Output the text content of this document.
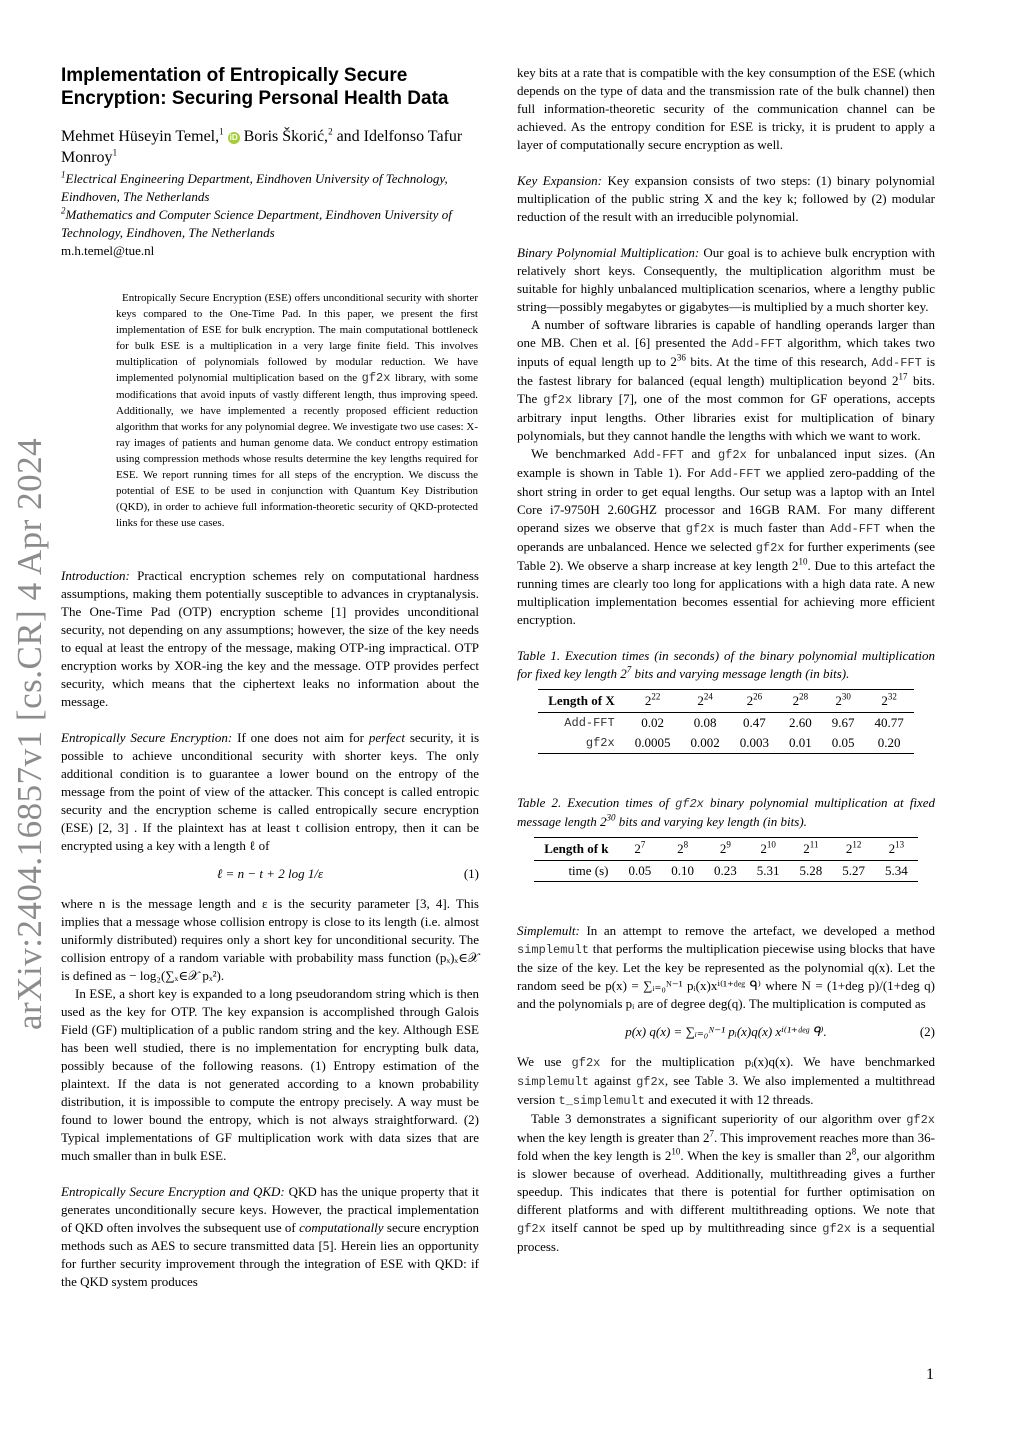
arXiv:2404.16857v1 [cs.CR] 4 Apr 2024
Implementation of Entropically Secure Encryption: Securing Personal Health Data
Mehmet Hüseyin Temel,$^1$ iD Boris Škorić,$^2$ and Idelfonso Tafur Monroy$^1$
$^1$Electrical Engineering Department, Eindhoven University of Technology, Eindhoven, The Netherlands
$^2$Mathematics and Computer Science Department, Eindhoven University of Technology, Eindhoven, The Netherlands
m.h.temel@tue.nl
Entropically Secure Encryption (ESE) offers unconditional security with shorter keys compared to the One-Time Pad. In this paper, we present the first implementation of ESE for bulk encryption. The main computational bottleneck for bulk ESE is a multiplication in a very large finite field. This involves multiplication of polynomials followed by modular reduction. We have implemented polynomial multiplication based on the gf2x library, with some modifications that avoid inputs of vastly different length, thus improving speed. Additionally, we have implemented a recently proposed efficient reduction algorithm that works for any polynomial degree. We investigate two use cases: X-ray images of patients and human genome data. We conduct entropy estimation using compression methods whose results determine the key lengths required for ESE. We report running times for all steps of the encryption. We discuss the potential of ESE to be used in conjunction with Quantum Key Distribution (QKD), in order to achieve full information-theoretic security of QKD-protected links for these use cases.

Introduction: Practical encryption schemes rely on computational hardness assumptions, making them potentially susceptible to advances in cryptanalysis. The One-Time Pad (OTP) encryption scheme [1] provides unconditional security, not depending on any assumptions; however, the size of the key needs to equal at least the entropy of the message, making OTP-ing impractical. OTP encryption works by XOR-ing the key and the message. OTP provides perfect security, which means that the ciphertext leaks no information about the message.

Entropically Secure Encryption: If one does not aim for perfect security, it is possible to achieve unconditional security with shorter keys. The only additional condition is to guarantee a lower bound on the entropy of the message from the point of view of the attacker. This concept is called entropic security and the encryption scheme is called entropically secure encryption (ESE) [2, 3] . If the plaintext has at least t collision entropy, then it can be encrypted using a key with a length ℓ of

ℓ = n − t + 2 log 1/ε	(1)

where n is the message length and ε is the security parameter [3, 4]. This implies that a message whose collision entropy is close to its length (i.e. almost uniformly distributed) requires only a short key for unconditional security. The collision entropy of a random variable with probability mass function (pₓ)ₓ∈𝒳 is defined as − log₂(∑ₓ∈𝒳 pₓ²).

In ESE, a short key is expanded to a long pseudorandom string which is then used as the key for OTP. The key expansion is accomplished through Galois Field (GF) multiplication of a public random string and the key. Although ESE has been well studied, there is no implementation for encrypting bulk data, possibly because of the following reasons. (1) Entropy estimation of the plaintext. If the data is not generated according to a known probability distribution, it is impossible to compute the entropy precisely. A way must be found to lower bound the entropy, which is not always straightforward. (2) Typical implementations of GF multiplication work with data sizes that are much smaller than in bulk ESE.

Entropically Secure Encryption and QKD: QKD has the unique property that it generates unconditionally secure keys. However, the practical implementation of QKD often involves the subsequent use of computationally secure encryption methods such as AES to secure transmitted data [5]. Herein lies an opportunity for further security improvement through the integration of ESE with QKD: if the QKD system produces

key bits at a rate that is compatible with the key consumption of the ESE (which depends on the type of data and the transmission rate of the bulk channel) then full information-theoretic security of the communication channel can be achieved. As the entropy condition for ESE is tricky, it is prudent to apply a layer of computationally secure encryption as well.

Key Expansion: Key expansion consists of two steps: (1) binary polynomial multiplication of the public string X and the key k; followed by (2) modular reduction of the result with an irreducible polynomial.

Binary Polynomial Multiplication: Our goal is to achieve bulk encryption with relatively short keys. Consequently, the multiplication algorithm must be suitable for highly unbalanced multiplication scenarios, where a lengthy public string—possibly megabytes or gigabytes—is multiplied by a much shorter key.

A number of software libraries is capable of handling operands larger than one MB. Chen et al. [6] presented the Add-FFT algorithm, which takes two inputs of equal length up to $2^{36}$ bits. At the time of this research, Add-FFT is the fastest library for balanced (equal length) multiplication beyond $2^{17}$ bits. The gf2x library [7], one of the most common for GF operations, accepts arbitrary input lengths. Other libraries exist for multiplication of binary polynomials, but they cannot handle the lengths with which we want to work.

We benchmarked Add-FFT and gf2x for unbalanced input sizes. (An example is shown in Table 1). For Add-FFT we applied zero-padding of the short string in order to get equal lengths. Our setup was a laptop with an Intel Core i7-9750H 2.60GHZ processor and 16GB RAM. For many different operand sizes we observe that gf2x is much faster than Add-FFT when the operands are unbalanced. Hence we selected gf2x for further experiments (see Table 2). We observe a sharp increase at key length $2^{10}$. Due to this artefact the running times are clearly too long for applications with a high data rate. A new multiplication implementation becomes essential for achieving more efficient encryption.

Table 1. Execution times (in seconds) of the binary polynomial multiplication for fixed key length $2^7$ bits and varying message length (in bits).

Length of X	$2^{22}$	$2^{24}$	$2^{26}$	$2^{28}$	$2^{30}$	$2^{32}$
Add-FFT	0.02	0.08	0.47	2.60	9.67	40.77
gf2x	0.0005	0.002	0.003	0.01	0.05	0.20

Table 2. Execution times of gf2x binary polynomial multiplication at fixed message length $2^{30}$ bits and varying key length (in bits).

Length of k	$2^7$	$2^8$	$2^9$	$2^{10}$	$2^{11}$	$2^{12}$	$2^{13}$
time (s)	0.05	0.10	0.23	5.31	5.28	5.27	5.34

Simplemult: In an attempt to remove the artefact, we developed a method simplemult that performs the multiplication piecewise using blocks that have the size of the key. Let the key be represented as the polynomial q(x). Let the random seed be p(x) = ∑ᵢ₌₀ᴺ⁻¹ pᵢ(x)xⁱ⁽¹⁺ᵈᵉᵍ ᑫ⁾ where N = (1+deg p)/(1+deg q) and the polynomials pᵢ are of degree deg(q). The multiplication is computed as

p(x) q(x) = ∑ᵢ₌₀ᴺ⁻¹ pᵢ(x)q(x) xⁱ⁽¹⁺ᵈᵉᵍ ᑫ⁾.	(2)

We use gf2x for the multiplication pᵢ(x)q(x). We have benchmarked simplemult against gf2x, see Table 3. We also implemented a multithread version t_simplemult and executed it with 12 threads.

Table 3 demonstrates a significant superiority of our algorithm over gf2x when the key length is greater than $2^7$. This improvement reaches more than 36-fold when the key length is $2^{10}$. When the key is smaller than $2^8$, our algorithm is slower because of overhead. Additionally, multithreading gives a further speedup. This indicates that there is potential for further optimisation on different platforms and with different multithreading options. We note that gf2x itself cannot be sped up by multithreading since gf2x is a sequential process.

1
